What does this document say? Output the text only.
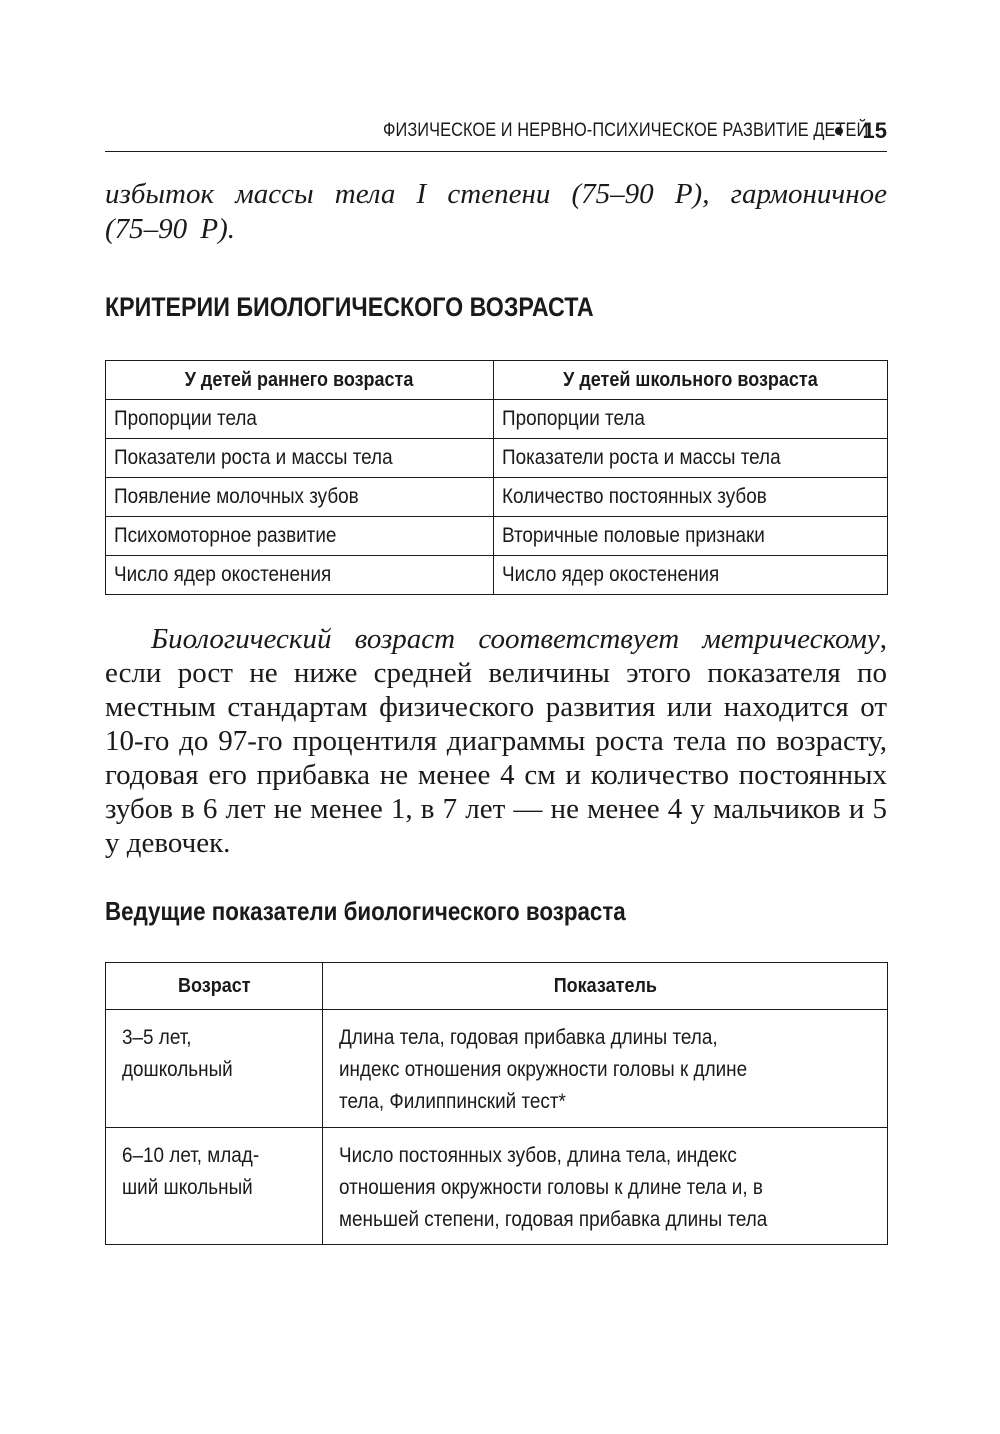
ФИЗИЧЕСКОЕ И НЕРВНО-ПСИХИЧЕСКОЕ РАЗВИТИЕ ДЕТЕЙ
15
избыток массы тела I степени (75–90 Р), гармоничное (75–90 Р).
КРИТЕРИИ БИОЛОГИЧЕСКОГО ВОЗРАСТА
У детей раннего возраста	У детей школьного возраста
Пропорции тела	Пропорции тела
Показатели роста и массы тела	Показатели роста и массы тела
Появление молочных зубов	Количество постоянных зубов
Психомоторное развитие	Вторичные половые признаки
Число ядер окостенения	Число ядер окостенения

Биологический возраст соответствует метрическому, если рост не ниже средней величины этого показателя по местным стандартам физического развития или находится от 10-го до 97-го процентиля диаграммы роста тела по возрасту, годовая его прибавка не менее 4 см и количество постоянных зубов в 6 лет не менее 1, в 7 лет — не менее 4 у мальчиков и 5 у девочек.

Ведущие показатели биологического возраста
Возраст	Показатель

3–5 лет,
дошкольный	Длина тела, годовая прибавка длины тела,
индекс отношения окружности головы к длине
тела, Филиппинский тест*

6–10 лет, млад-
ший школьный	Число постоянных зубов, длина тела, индекс
отношения окружности головы к длине тела и, в
меньшей степени, годовая прибавка длины тела
